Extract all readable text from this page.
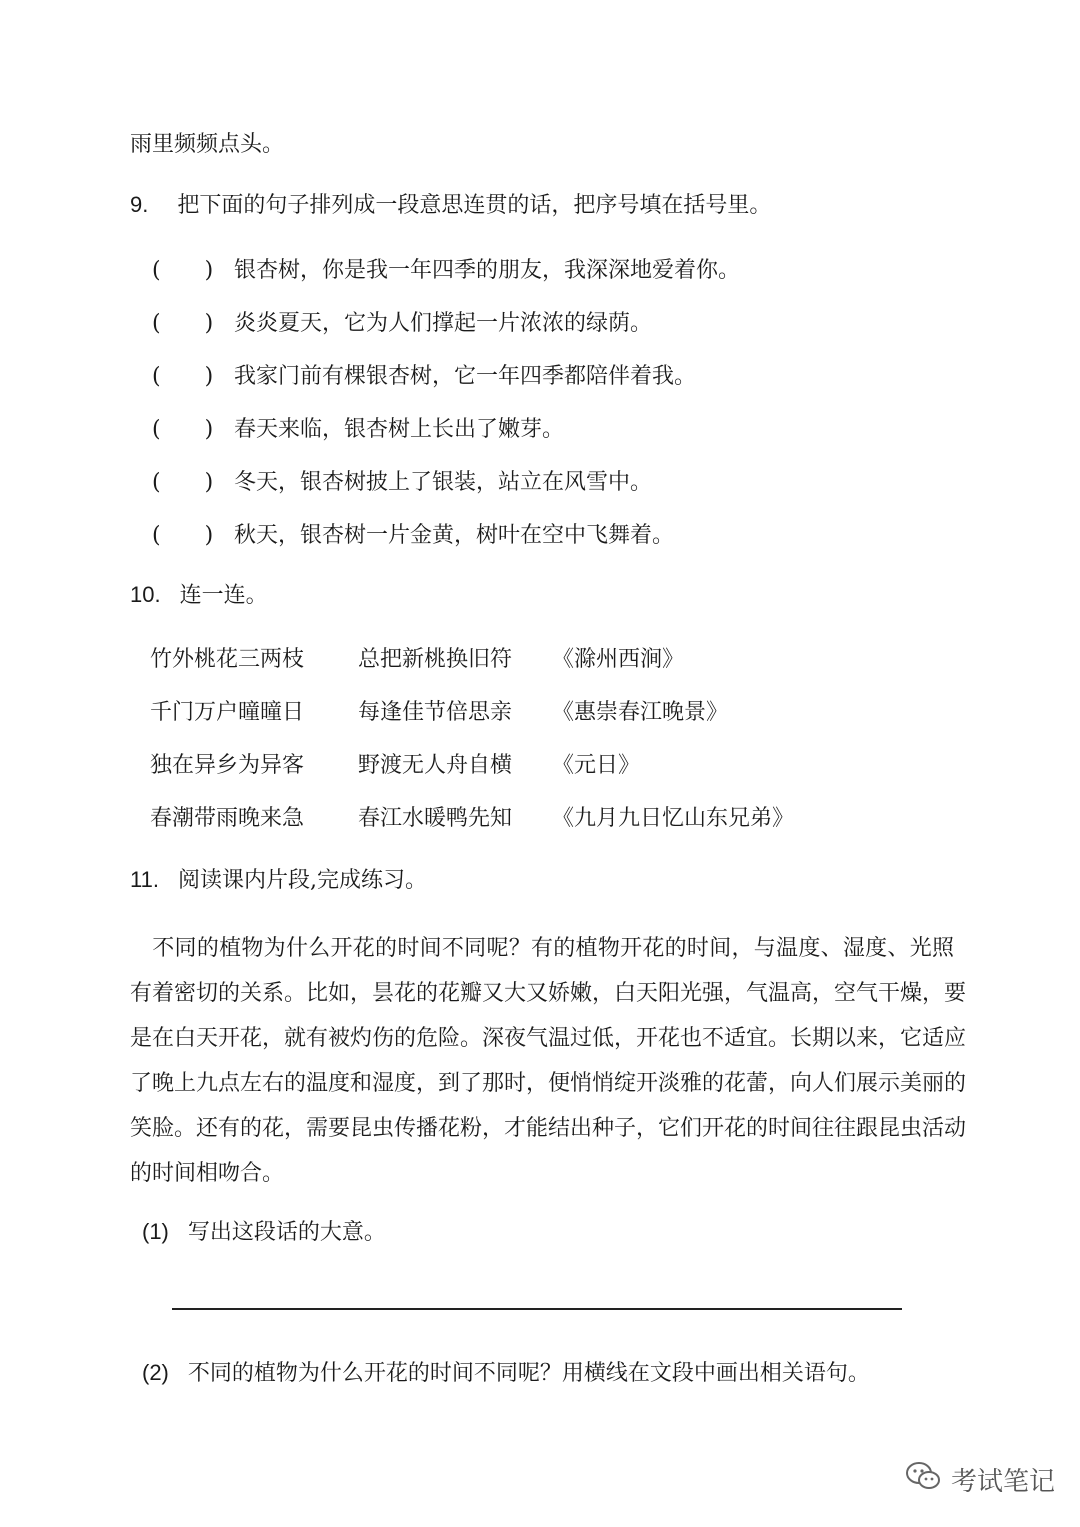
雨里频频点头。
9. 把下面的句子排列成一段意思连贯的话，把序号填在括号里。
(　　) 银杏树，你是我一年四季的朋友，我深深地爱着你。
(　　) 炎炎夏天，它为人们撑起一片浓浓的绿荫。
(　　) 我家门前有棵银杏树，它一年四季都陪伴着我。
(　　) 春天来临，银杏树上长出了嫩芽。
(　　) 冬天，银杏树披上了银装，站立在风雪中。
(　　) 秋天，银杏树一片金黄，树叶在空中飞舞着。
10. 连一连。
竹外桃花三两枝 总把新桃换旧符 《滁州西涧》
千门万户曈曈日 每逢佳节倍思亲 《惠崇春江晚景》
独在异乡为异客 野渡无人舟自横 《元日》
春潮带雨晚来急 春江水暖鸭先知 《九月九日忆山东兄弟》
11. 阅读课内片段,完成练习。
　不同的植物为什么开花的时间不同呢？有的植物开花的时间，与温度、湿度、光照
有着密切的关系。比如，昙花的花瓣又大又娇嫩，白天阳光强，气温高，空气干燥，要
是在白天开花，就有被灼伤的危险。深夜气温过低，开花也不适宜。长期以来，它适应
了晚上九点左右的温度和湿度，到了那时，便悄悄绽开淡雅的花蕾，向人们展示美丽的
笑脸。还有的花，需要昆虫传播花粉，才能结出种子，它们开花的时间往往跟昆虫活动
的时间相吻合。
(1) 写出这段话的大意。
(2) 不同的植物为什么开花的时间不同呢？用横线在文段中画出相关语句。
考试笔记
